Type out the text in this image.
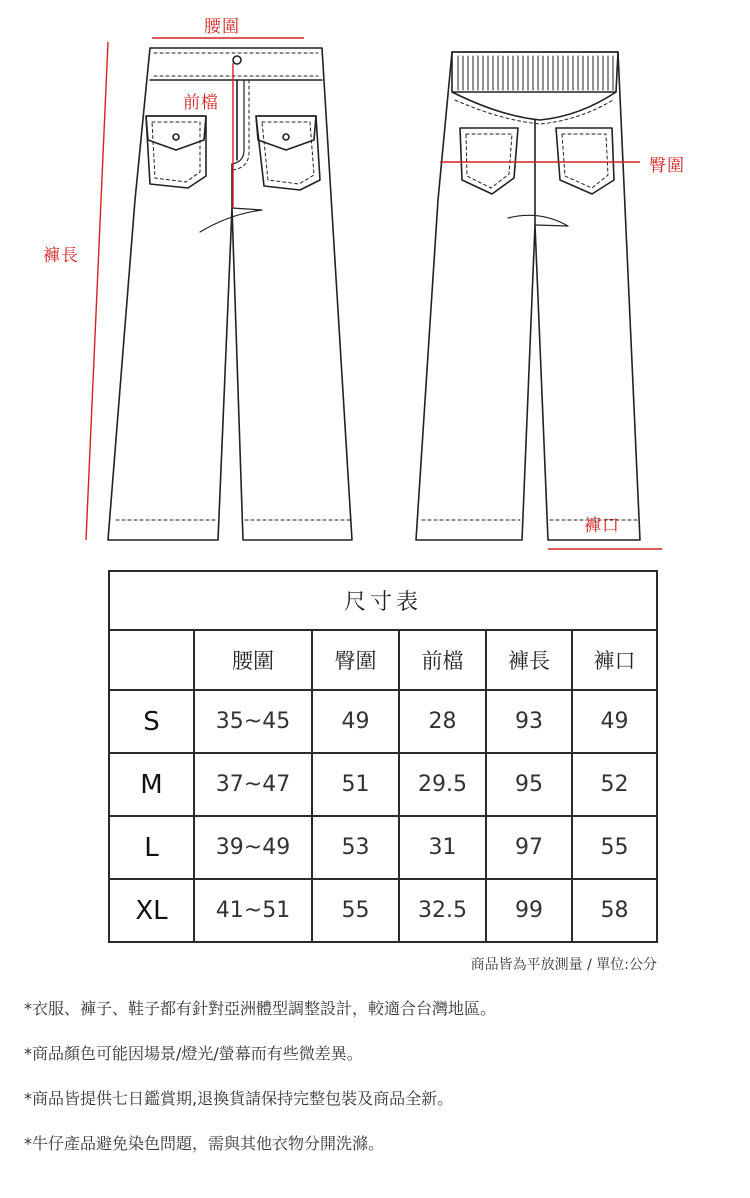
腰圍
前檔
褲長
臀圍
褲口
尺寸表					
	腰圍	臀圍	前檔	褲長	褲口
S	35~45	49	28	93	49
M	37~47	51	29.5	95	52
L	39~49	53	31	97	55
XL	41~51	55	32.5	99	58
商品皆為平放測量 / 單位:公分
*衣服、褲子、鞋子都有針對亞洲體型調整設計，較適合台灣地區。
*商品顏色可能因場景/燈光/螢幕而有些微差異。
*商品皆提供七日鑑賞期,退換貨請保持完整包裝及商品全新。
*牛仔產品避免染色問題，需與其他衣物分開洗滌。
